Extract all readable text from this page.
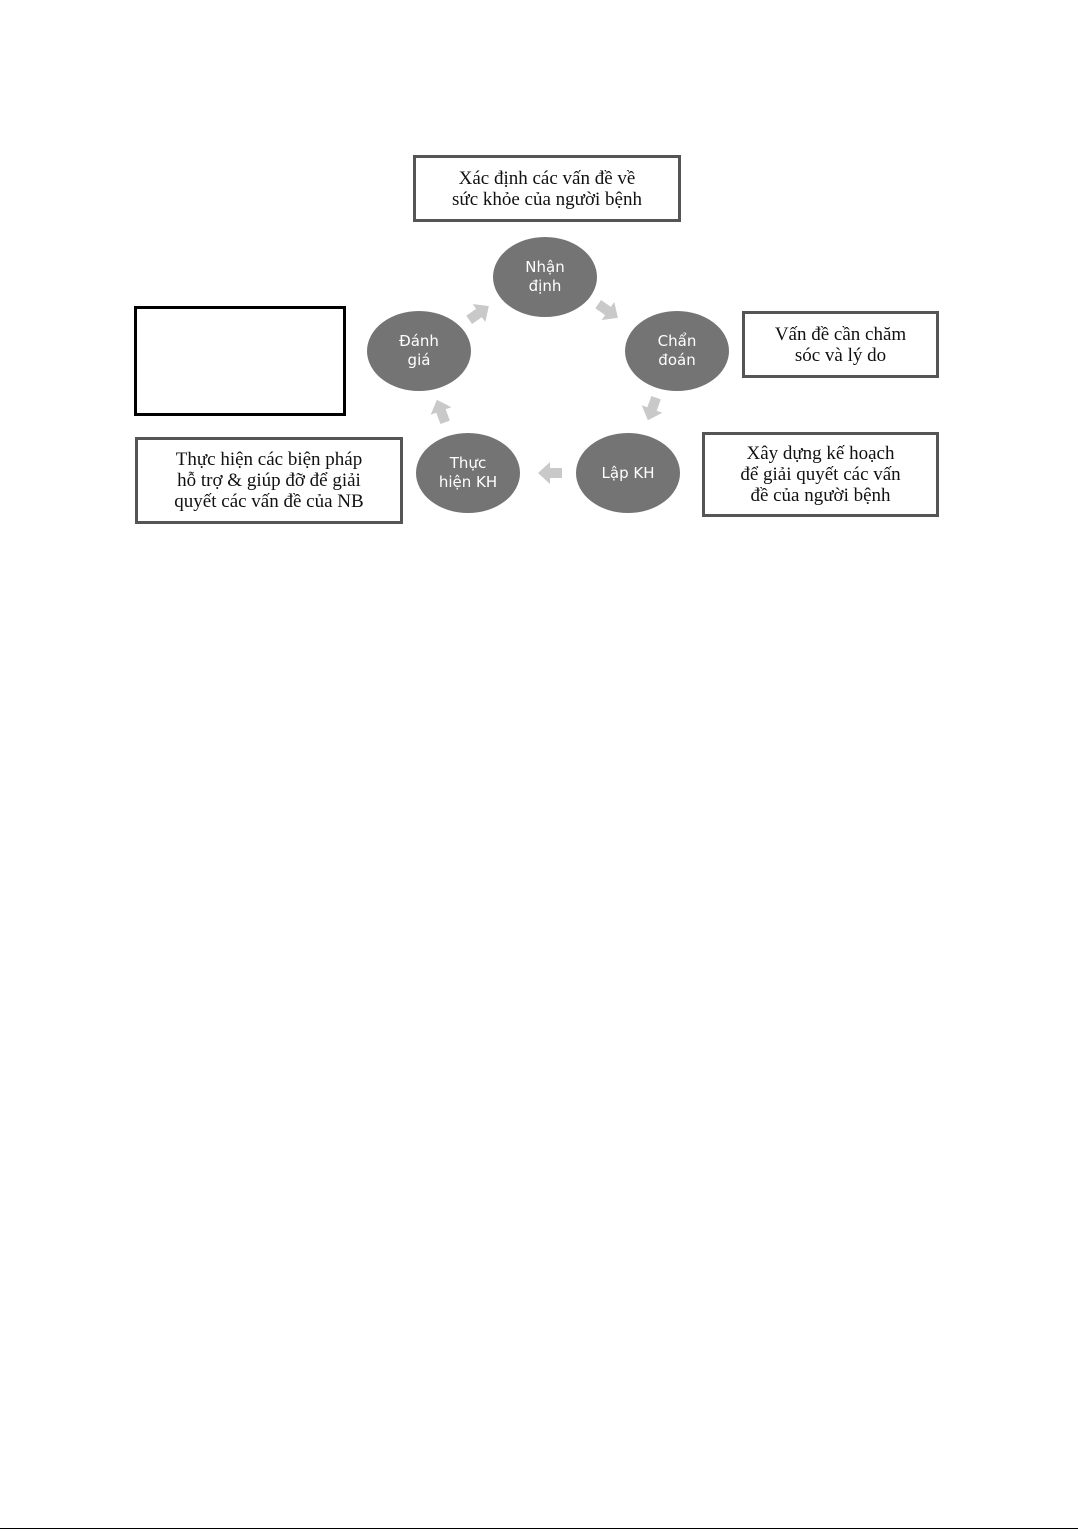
Nhận
định
Chẩn
đoán
Lập KH
Thực
hiện KH
Đánh
giá
Xác định các vấn đề về
sức khỏe của người bệnh
Vấn đề cần chăm
sóc và lý do
Xây dựng kế hoạch
để giải quyết các vấn
đề của người bệnh
Thực hiện các biện pháp
hỗ trợ & giúp đỡ để giải
quyết các vấn đề của NB
